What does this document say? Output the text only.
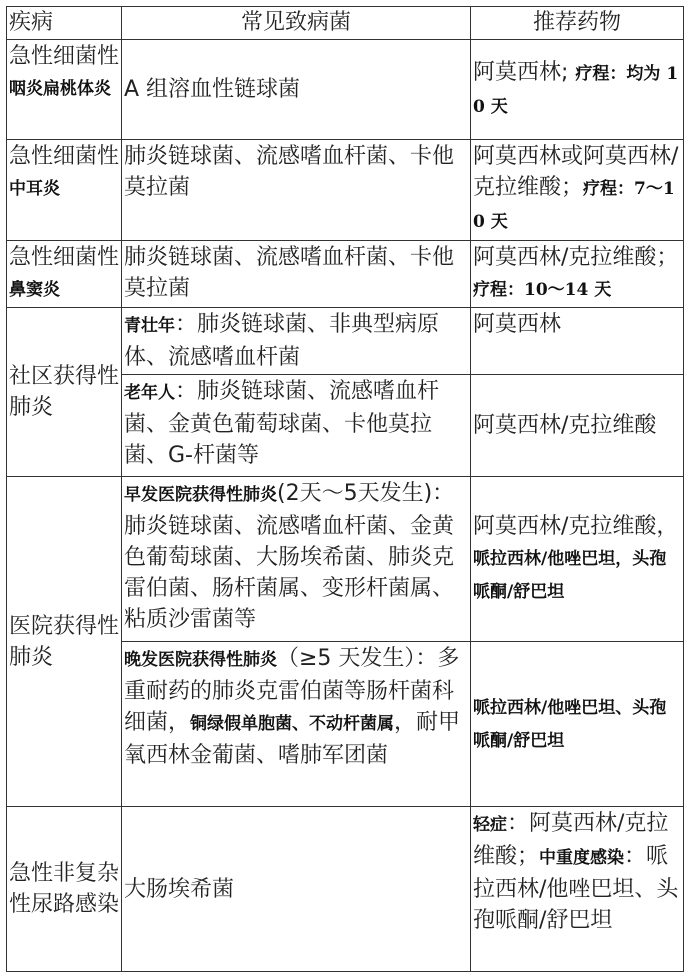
疾病	常见致病菌	推荐药物
急性细菌性咽炎扁桃体炎	A 组溶血性链球菌	阿莫西林; 疗程：均为 10 天
急性细菌性中耳炎	肺炎链球菌、流感嗜血杆菌、卡他莫拉菌	阿莫西林或阿莫西林/克拉维酸；疗程：7～10 天
急性细菌性鼻窦炎	肺炎链球菌、流感嗜血杆菌、卡他莫拉菌	阿莫西林/克拉维酸；疗程：10～14 天
社区获得性肺炎	青壮年：肺炎链球菌、非典型病原体、流感嗜血杆菌	阿莫西林
	老年人：肺炎链球菌、流感嗜血杆菌、金黄色葡萄球菌、卡他莫拉菌、G-杆菌等	阿莫西林/克拉维酸
医院获得性肺炎	早发医院获得性肺炎(2天～5天发生)：肺炎链球菌、流感嗜血杆菌、金黄色葡萄球菌、大肠埃希菌、肺炎克雷伯菌、肠杆菌属、变形杆菌属、粘质沙雷菌等	阿莫西林/克拉维酸，哌拉西林/他唑巴坦，头孢哌酮/舒巴坦
	晚发医院获得性肺炎（≥5 天发生）：多重耐药的肺炎克雷伯菌等肠杆菌科细菌，铜绿假单胞菌、不动杆菌属，耐甲氧西林金葡菌、嗜肺军团菌	哌拉西林/他唑巴坦、头孢哌酮/舒巴坦
急性非复杂性尿路感染	大肠埃希菌	轻症：阿莫西林/克拉维酸；中重度感染：哌拉西林/他唑巴坦、头孢哌酮/舒巴坦
